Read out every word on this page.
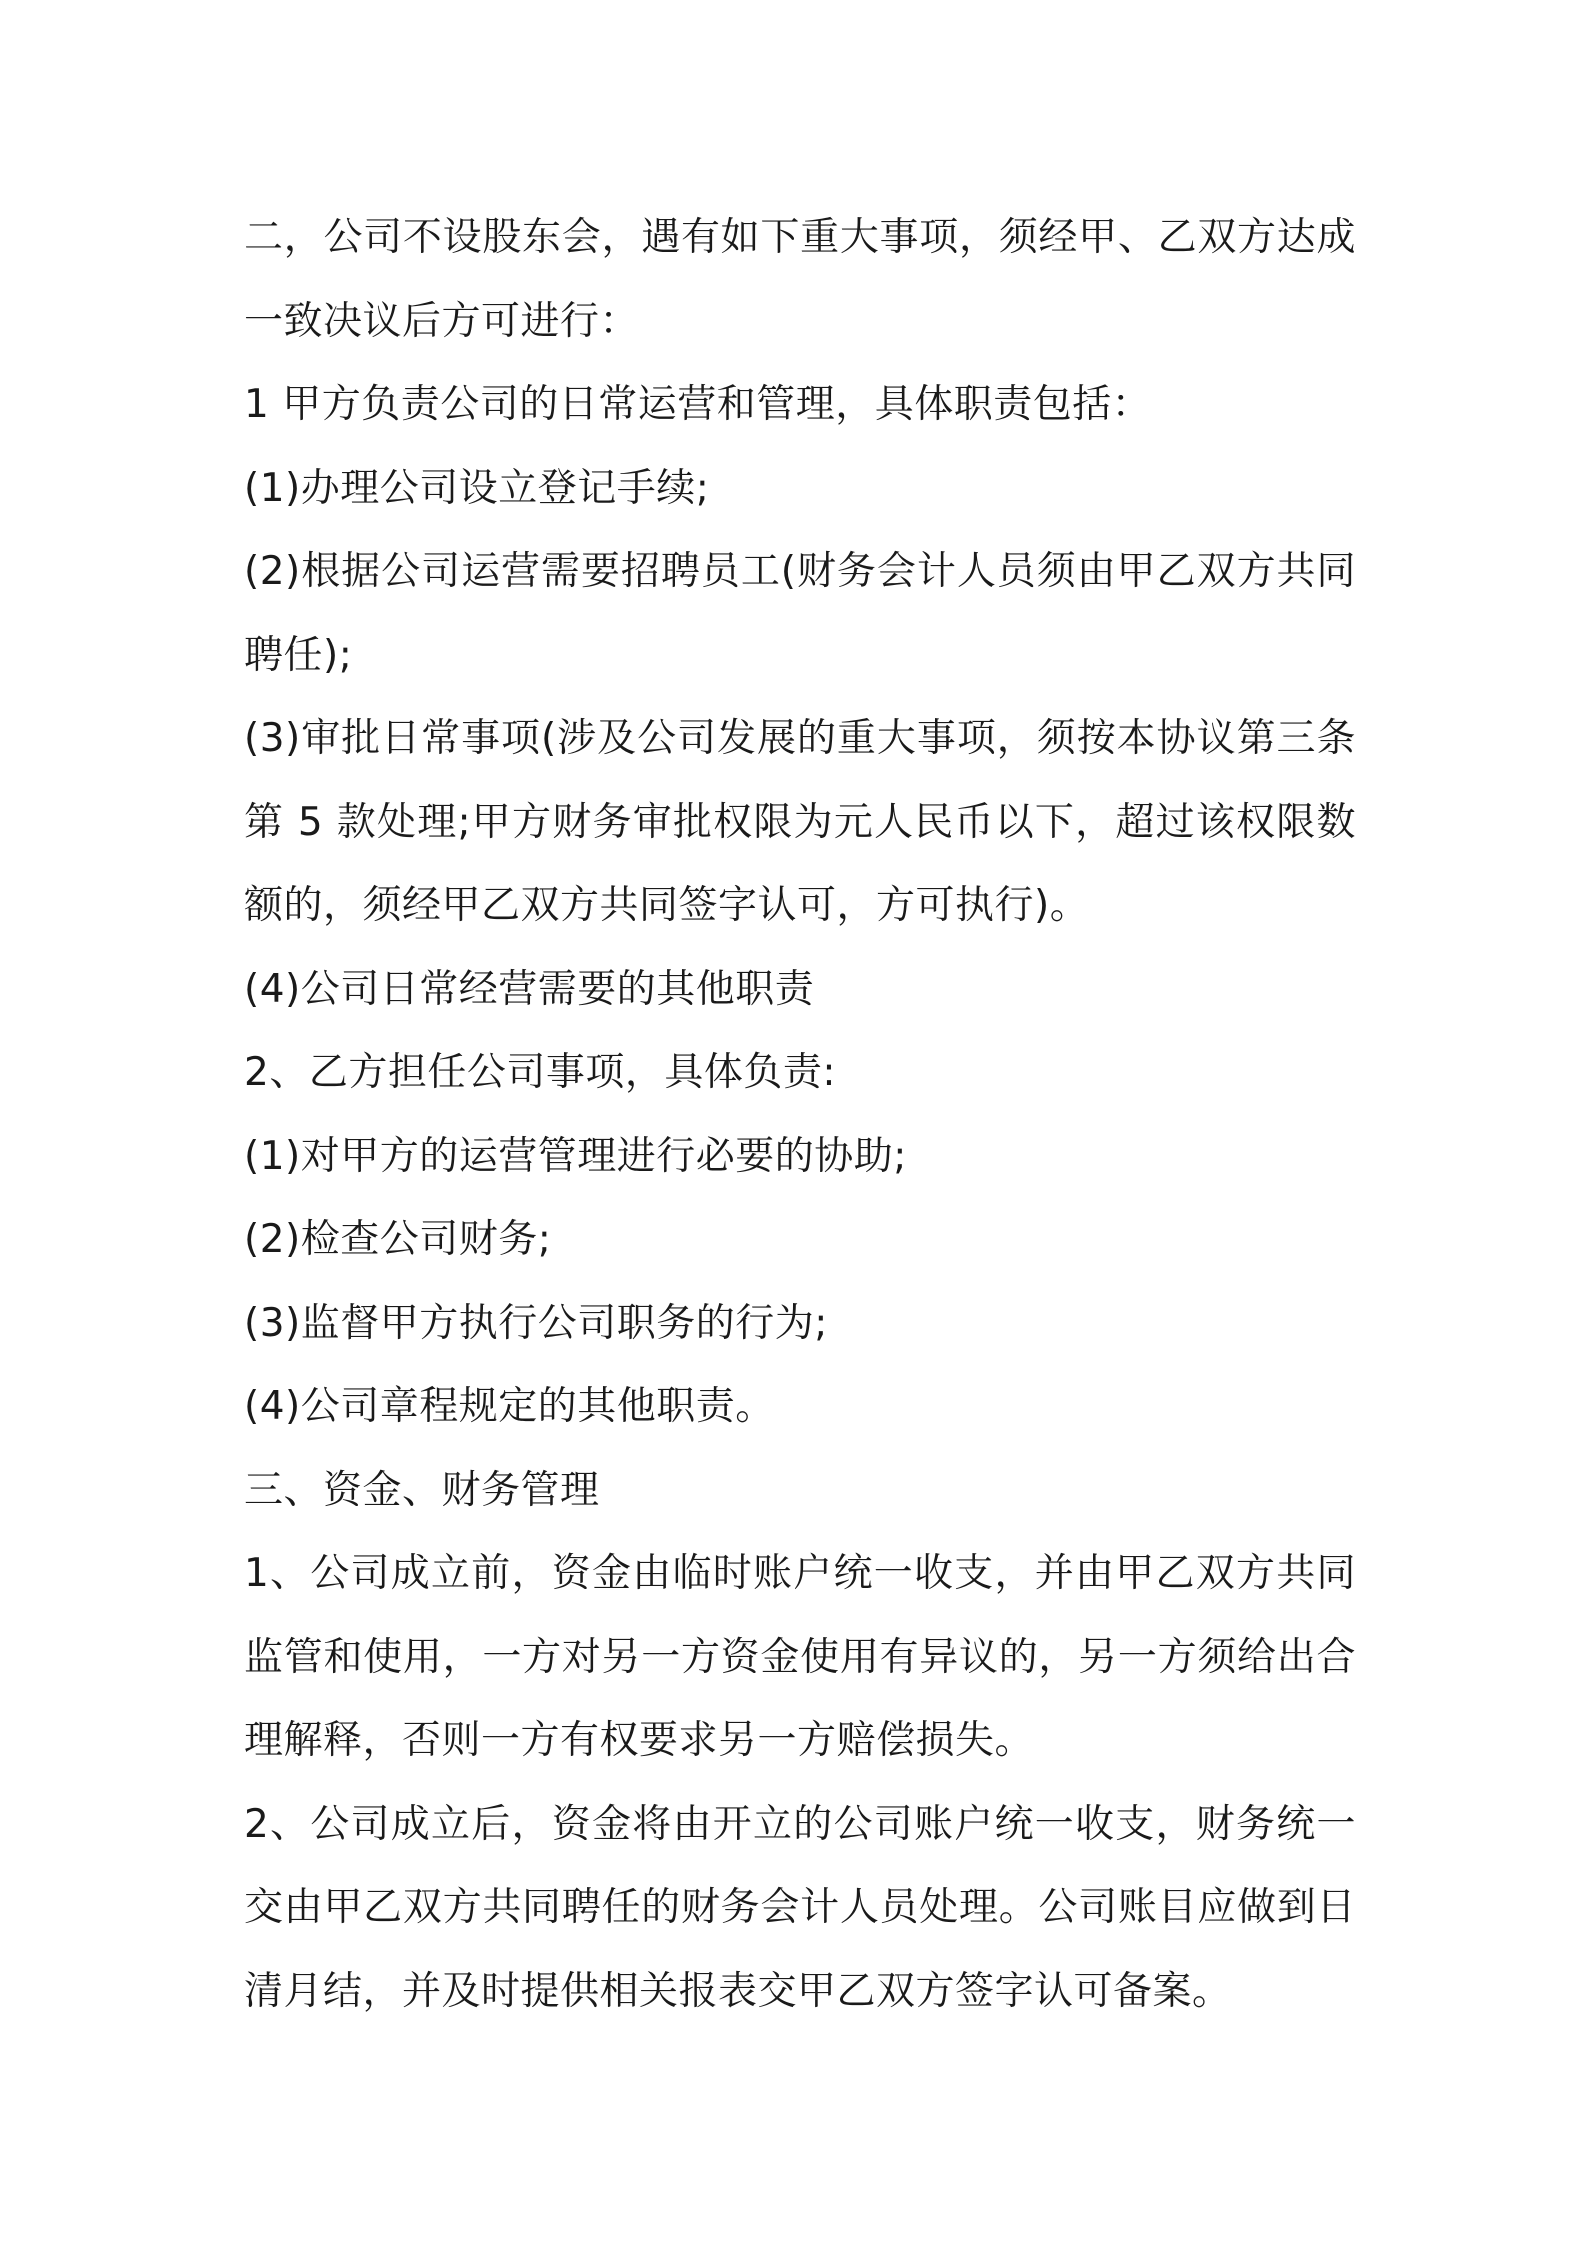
二，公司不设股东会，遇有如下重大事项，须经甲、乙双方达成一致决议后方可进行：

1 甲方负责公司的日常运营和管理，具体职责包括：

(1)办理公司设立登记手续;

(2)根据公司运营需要招聘员工(财务会计人员须由甲乙双方共同聘任);

(3)审批日常事项(涉及公司发展的重大事项，须按本协议第三条第 5 款处理;甲方财务审批权限为元人民币以下，超过该权限数额的，须经甲乙双方共同签字认可，方可执行)。

(4)公司日常经营需要的其他职责

2、乙方担任公司事项，具体负责:

(1)对甲方的运营管理进行必要的协助;

(2)检查公司财务;

(3)监督甲方执行公司职务的行为;

(4)公司章程规定的其他职责。

三、资金、财务管理

1、公司成立前，资金由临时账户统一收支，并由甲乙双方共同监管和使用，一方对另一方资金使用有异议的，另一方须给出合理解释，否则一方有权要求另一方赔偿损失。

2、公司成立后，资金将由开立的公司账户统一收支，财务统一交由甲乙双方共同聘任的财务会计人员处理。公司账目应做到日清月结，并及时提供相关报表交甲乙双方签字认可备案。
